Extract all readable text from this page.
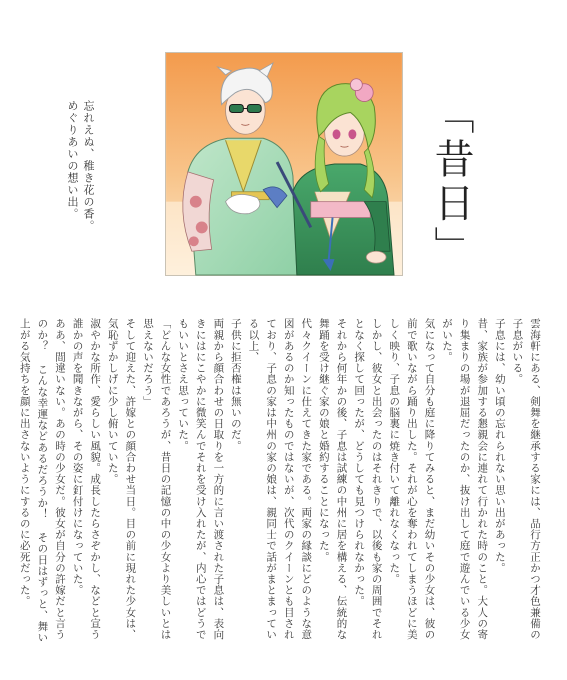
忘れえぬ、稚き花の香。
めぐりあいの想い出。	「昔日」

雲海軒にある、剣舞を継承する家には、品行方正かつ才色兼備の子息がいる。

子息には、幼い頃の忘れられない思い出があった。

昔、家族が参加する懇親会に連れて行かれた時のこと。大人の寄り集まりの場が退屈だったのか、抜け出して庭で遊んでいる少女がいた。

気になって自分も庭に降りてみると、まだ幼いその少女は、彼の前で歌いながら踊り出した。それが心を奪われてしまうほどに美しく映り、子息の脳裏に焼き付いて離れなくなった。

しかし、彼女と出会ったのはそれきりで、以後も家の周囲でそれとなく探して回ったが、どうしても見つけられなかった。

それから何年かの後、子息は試練の中州に居を構える、伝統的な舞踊を受け継ぐ家の娘と婚約することになった。

代々クイーンに仕えてきた家である。両家の縁談にどのような意図があるのか知ったものではないが、次代のクイーンとも目されており、子息の家は中州の家の娘は、親同士で話がまとまっている以上、

子供に拒否権は無いのだ。

両親から顔合わせの日取りを一方的に言い渡された子息は、表向きにはにこやかに微笑んでそれを受け入れたが、内心ではどうでもいいとさえ思っていた。

「どんな女性であろうが、昔日の記憶の中の少女より美しいとは思えないだろう」

そして迎えた、許嫁との顔合わせ当日。目の前に現れた少女は、気恥ずかしげに少し俯いていた。

淑やかな所作、愛らしい風貌。成長したらさぞかし、などと宣う誰かの声を聞きながら、その姿に釘付けになっていた。

ああ、間違いない。あの時の少女だ。彼女が自分の許嫁だと言うのか？ こんな幸運などあるだろうか！ その日はずっと、舞い上がる気持ちを顔に出さないようにするのに必死だった。
